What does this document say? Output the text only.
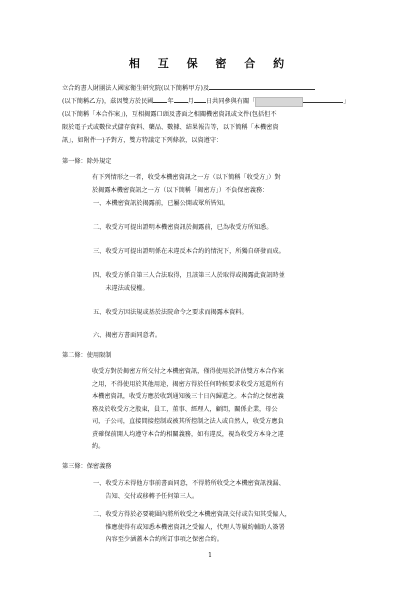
相 互 保 密 合 約
立合約書人財團法人國家衛生研究院(以下簡稱甲方)及
(以下簡稱乙方)，茲因雙方於民國 年 月 日共同參與有關「	」
(以下簡稱「本合作案」)，互相揭露口頭及書面之相關機密資訊或文件(包括但不
限於電子式或數位式儲存資料、藥品、數據、結果報告等，以下簡稱「本機密資
訊」，如附件一)予對方，雙方特議定下列條款，以資遵守：
第一條：除外規定
有下列情形之一者，收受本機密資訊之一方（以下簡稱「收受方」）對
於揭露本機密資訊之一方（以下簡稱「揭密方」）不負保密義務：
一、本機密資訊於揭露前，已屬公開或眾所皆知。
二、收受方可提出證明本機密資訊於揭露前，已為收受方所知悉。
三、收受方可提出證明係在未違反本合約的情況下，所獨自研發而成。
四、收受方係自第三人合法取得，且該第三人於取得或揭露此資訊時並
　　未違法或侵權。
五、收受方因法規或基於法院命令之要求而揭露本資料。
六、揭密方書面同意者。
第二條：使用限制
收受方對於揭密方所交付之本機密資訊，僅得使用於評估雙方本合作案
之用，不得使用於其他用途，揭密方得於任何時候要求收受方返還所有
本機密資訊，收受方應於收到通知後三十日內歸還之。本合約之保密義
務及於收受方之股東，員工，董事、經理人，顧問，關係企業，母公
司，子公司，直接間接控制或被其所控制之法人或自然人，收受方應負
責確保前開人均遵守本合約相關義務，如有違反，視為收受方本身之違
約。
第三條：保密義務
一、收受方未得他方事前書面同意，不得將所收受之本機密資訊洩漏、
　　告知、交付或移轉予任何第三人。
二、收受方得於必要範圍內將所收受之本機密資訊交付或告知其受僱人，
　　惟應使得有或知悉本機密資訊之受僱人，代理人等履約輔助人簽署
　　內容至少涵蓋本合約所訂事項之保密合約。
1
